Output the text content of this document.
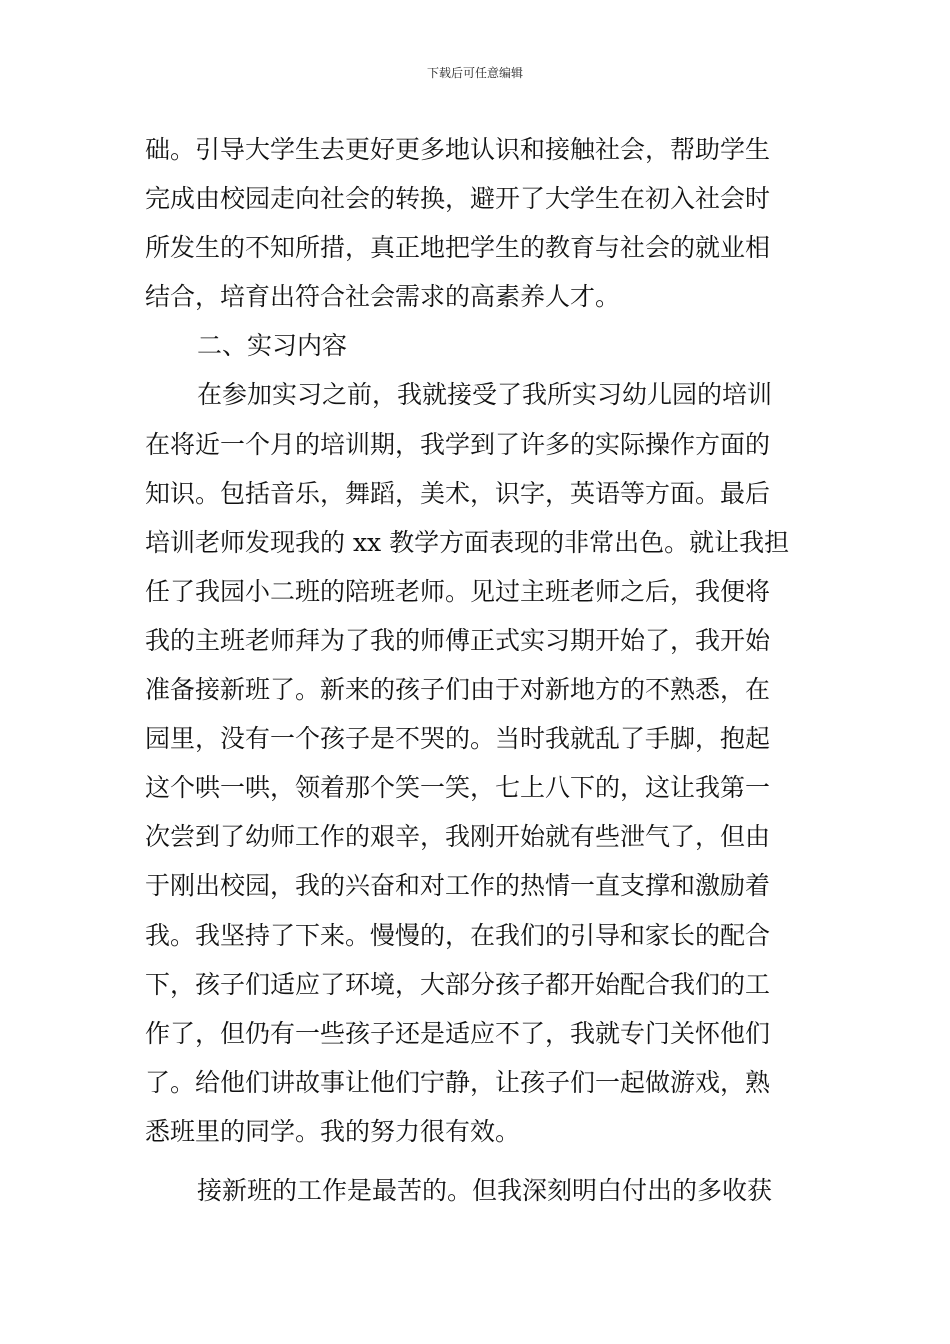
下载后可任意编辑
础。引导大学生去更好更多地认识和接触社会，帮助学生
完成由校园走向社会的转换，避开了大学生在初入社会时
所发生的不知所措，真正地把学生的教育与社会的就业相
结合，培育出符合社会需求的高素养人才。
二、实习内容
在参加实习之前，我就接受了我所实习幼儿园的培训
在将近一个月的培训期，我学到了许多的实际操作方面的
知识。包括音乐，舞蹈，美术，识字，英语等方面。最后
培训老师发现我的 xx 教学方面表现的非常出色。就让我担
任了我园小二班的陪班老师。见过主班老师之后，我便将
我的主班老师拜为了我的师傅正式实习期开始了，我开始
准备接新班了。新来的孩子们由于对新地方的不熟悉，在
园里，没有一个孩子是不哭的。当时我就乱了手脚，抱起
这个哄一哄，领着那个笑一笑，七上八下的，这让我第一
次尝到了幼师工作的艰辛，我刚开始就有些泄气了，但由
于刚出校园，我的兴奋和对工作的热情一直支撑和激励着
我。我坚持了下来。慢慢的，在我们的引导和家长的配合
下，孩子们适应了环境，大部分孩子都开始配合我们的工
作了，但仍有一些孩子还是适应不了，我就专门关怀他们
了。给他们讲故事让他们宁静，让孩子们一起做游戏，熟
悉班里的同学。我的努力很有效。
接新班的工作是最苦的。但我深刻明白付出的多收获
